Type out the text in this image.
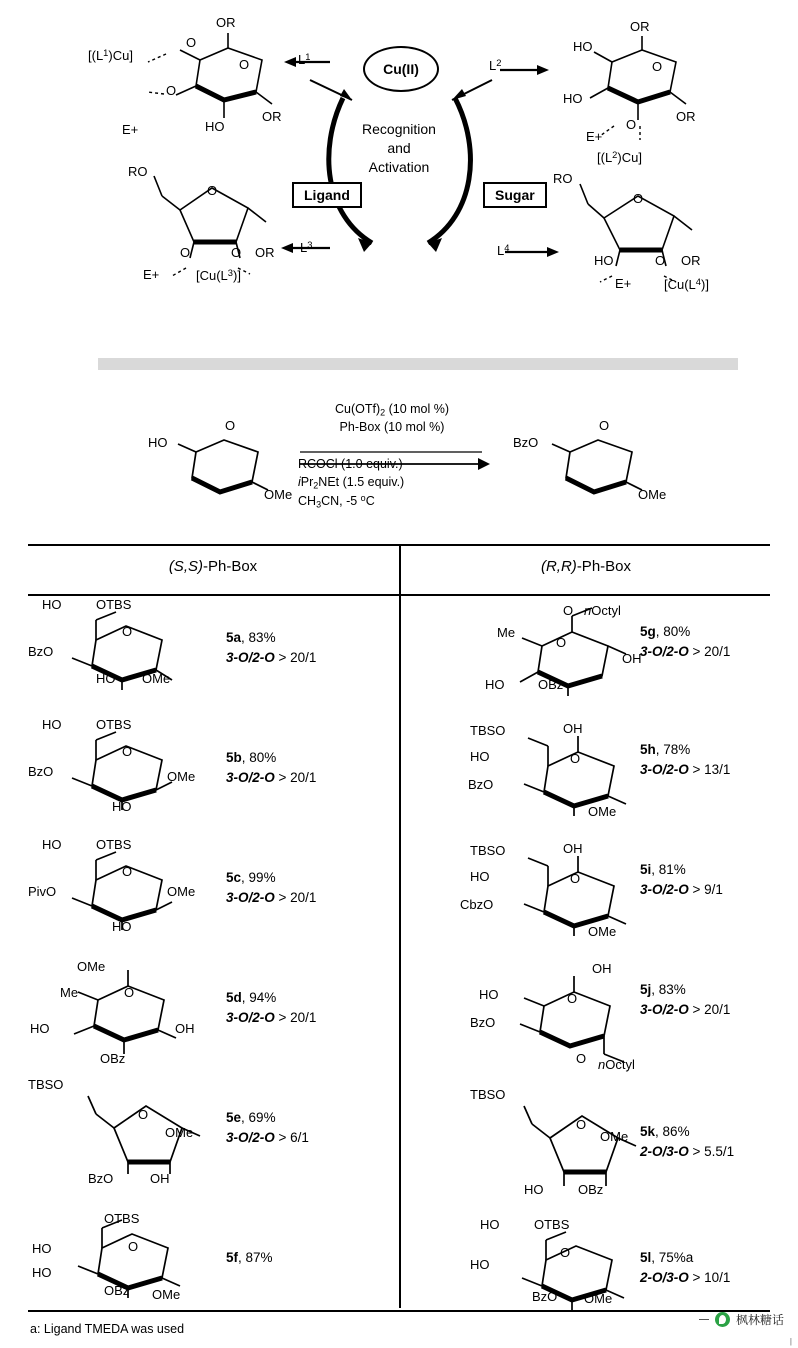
Cu(II)
Recognition
and
Activation
Ligand	Sugar
$L^1$
$L^2$
$L^3$	$L^4$
$[(L^1)Cu]$
E+
O
OR
O
O
HO
OR
HO
OR
HO
O
E+
O
OR
$[(L^2)Cu]$
RO
O
OR
O	O
E+	$[Cu(L^3)]$
RO
O
OR
HO	O
E+	$[Cu(L^4)]$
HO
O
OMe
BzO
O
OMe
$Cu(OTf)_2$ (10 mol %)
Ph-Box (10 mol %)
RCOCl (1.0 equiv.)
iPr$_2$NEt (1.5 equiv.)
$CH_3CN$, -5 $^o$C
(S,S)-Ph-Box	(R,R)-Ph-Box
HO	OTBS
O
BzO
HO OMe
5a, 83%
3-O/2-O > 20/1
HO	OTBS
O
BzO	OMe
HO
5b, 80%
3-O/2-O > 20/1
HO	OTBS
O
PivO	OMe
HO
5c, 99%
3-O/2-O > 20/1
OMe
Me	O
HO	OH
OBz
5d, 94%
3-O/2-O > 20/1
TBSO
O
OMe
BzO	OH
5e, 69%
3-O/2-O > 6/1
OTBS
HO
HO
O
OBz OMe
5f, 87%
O nOctyl
Me
O
OH
HO	OBz
5g, 80%
3-O/2-O > 20/1
TBSO	OH
HO	O
BzO
OMe
5h, 78%
3-O/2-O > 13/1
TBSO	OH
HO	O
CbzO
OMe
5i, 81%
3-O/2-O > 9/1
OH
HO	O
BzO
O nOctyl
5j, 83%
3-O/2-O > 20/1
TBSO
O
OMe
HO	OBz
5k, 86%
2-O/3-O > 5.5/1
HO	OTBS
HO
O
BzO OMe
5l, 75%a
2-O/3-O > 10/1
a: Ligand TMEDA was used
枫林糖话
|
